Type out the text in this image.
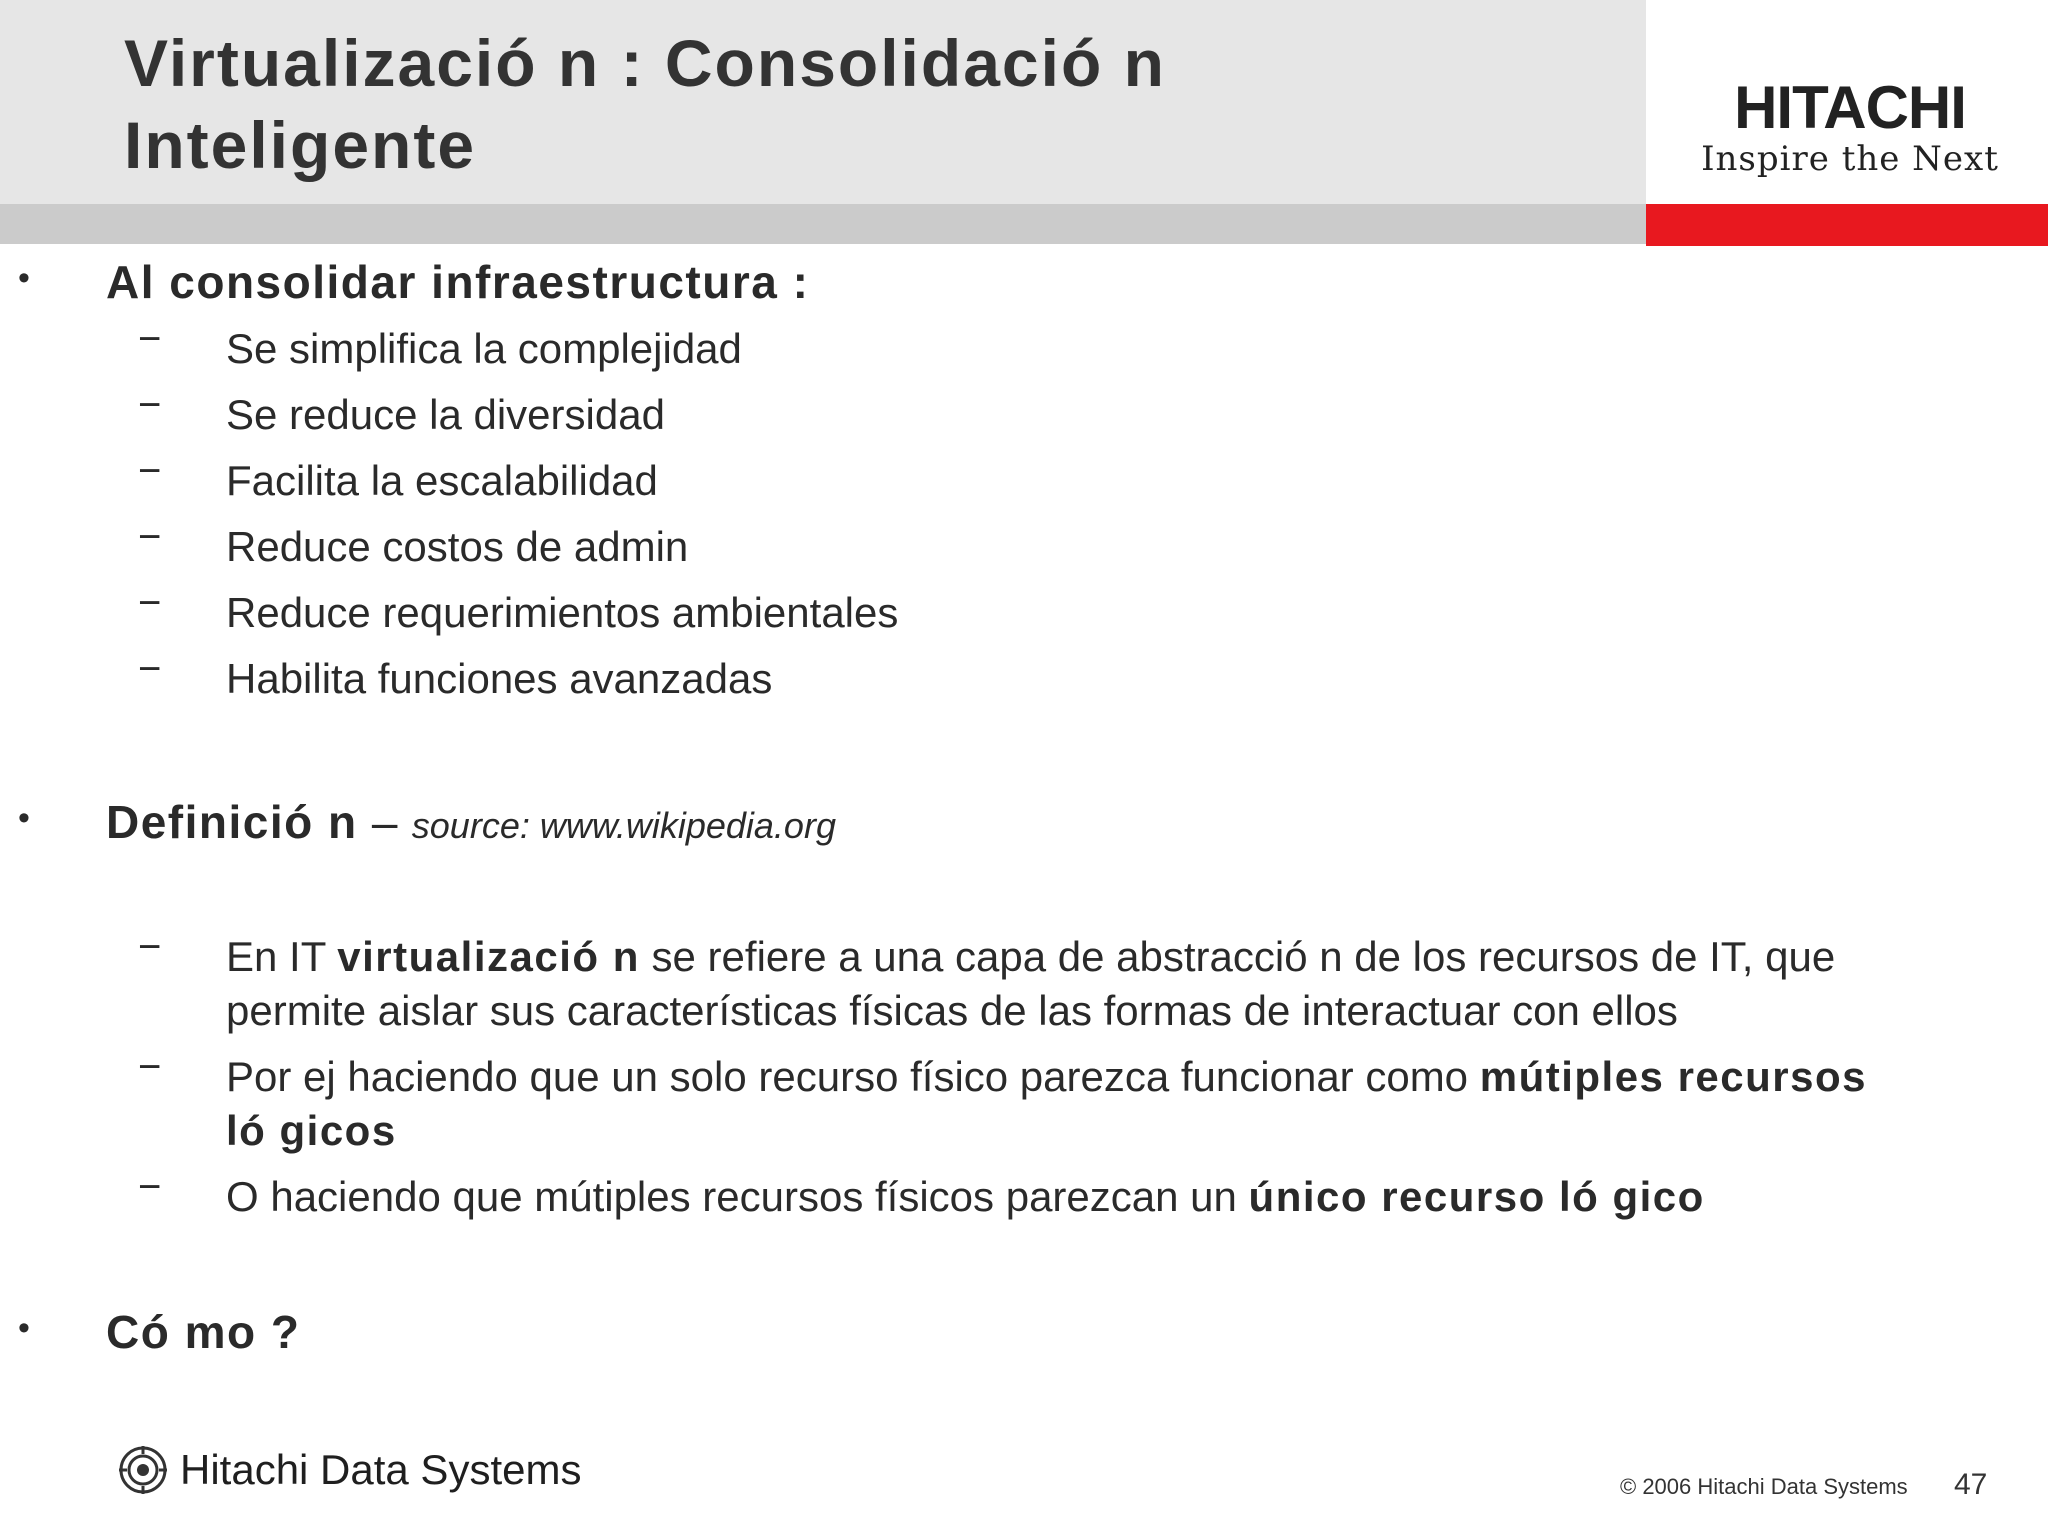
Virtualizació n : Consolidació n
Inteligente
HITACHI
Inspire the Next
• Al consolidar infraestructura :
− Se simplifica la complejidad
− Se reduce la diversidad
− Facilita la escalabilidad
− Reduce costos de admin
− Reduce requerimientos ambientales
− Habilita funciones avanzadas
• Definició n – source: www.wikipedia.org
− En IT virtualizació n se refiere a una capa de abstracció n de los recursos de IT, que permite aislar sus características físicas de las formas de interactuar con ellos
− Por ej haciendo que un solo recurso físico parezca funcionar como mútiples recursos ló gicos
− O haciendo que mútiples recursos físicos parezcan un único recurso ló gico
• Có mo ?
Hitachi Data Systems	© 2006 Hitachi Data Systems 47
